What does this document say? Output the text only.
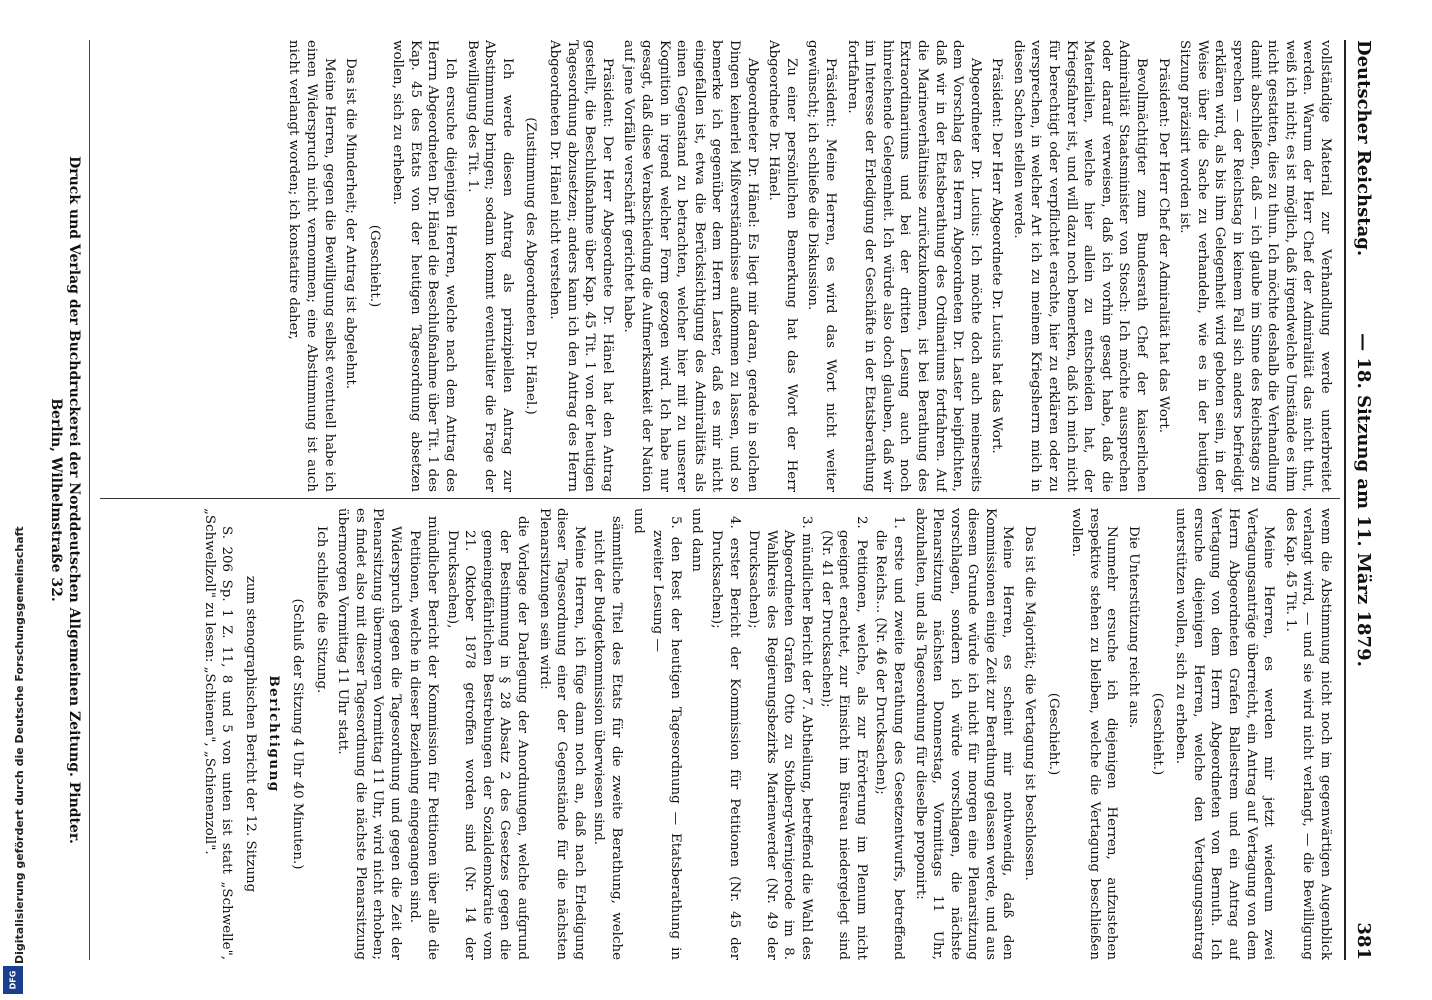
Deutscher Reichstag.
— 18. Sitzung am 11. März 1879.
381

vollständige Material zur Verhandlung werde unterbreitet werden. Warum der Herr Chef der Admiralität das nicht thut, weiß ich nicht; es ist möglich, daß irgendwelche Umstände es ihm nicht gestatten, dies zu thun. Ich möchte deshalb die Verhandlung damit abschließen, daß — ich glaube im Sinne des Reichstags zu sprechen — der Reichstag in keinem Fall sich anders befriedigt erklären wird, als bis ihm Gelegenheit wird geboten sein, in der Weise über die Sache zu verhandeln, wie es in der heutigen Sitzung präzisirt worden ist.

Präsident: Der Herr Chef der Admiralität hat das Wort.

Bevollmächtigter zum Bundesrath Chef der kaiserlichen Admiralität Staatsminister von Stosch: Ich möchte aussprechen oder darauf verweisen, daß ich vorhin gesagt habe, daß die Materialien, welche hier allein zu entscheiden hat, der Kriegsfahrer ist, und will dazu noch bemerken, daß ich mich nicht für berechtigt oder verpflichtet erachte, hier zu erklären oder zu versprechen, in welcher Art ich zu meinem Kriegsherrn mich in diesen Sachen stellen werde.

Präsident: Der Herr Abgeordnete Dr. Lucius hat das Wort.

Abgeordneter Dr. Lucius: Ich möchte doch auch meinerseits dem Vorschlag des Herrn Abgeordneten Dr. Laster beipflichten, daß wir in der Etatsberathung des Ordinariums fortfahren. Auf die Marineverhältnisse zurückzukommen, ist bei Berathung des Extraordinariums und bei der dritten Lesung auch noch hinreichende Gelegenheit. Ich würde also doch glauben, daß wir im Interesse der Erledigung der Geschäfte in der Etatsberathung fortfahren.

Präsident: Meine Herren, es wird das Wort nicht weiter gewünscht; ich schließe die Diskussion.

Zu einer persönlichen Bemerkung hat das Wort der Herr Abgeordnete Dr. Hänel.

Abgeordneter Dr. Hänel: Es liegt mir daran, gerade in solchen Dingen keinerlei Mißverständnisse aufkommen zu lassen, und so bemerke ich gegenüber dem Herrn Laster, daß es mir nicht eingefallen ist, etwa die Berücksichtigung des Admiralitäts als einen Gegenstand zu betrachten, welcher hier mit zu unserer Kognition in irgend welcher Form gezogen wird. Ich habe nur gesagt, daß diese Verabschiedung die Aufmerksamkeit der Nation auf jene Vorfälle verschärft gerichtet habe.

Präsident: Der Herr Abgeordnete Dr. Hänel hat den Antrag gestellt, die Beschlußnahme über Kap. 45 Tit. 1 von der heutigen Tagesordnung abzusetzen; anders kann ich den Antrag des Herrn Abgeordneten Dr. Hänel nicht verstehen.

(Zustimmung des Abgeordneten Dr. Hänel.)

Ich werde diesen Antrag als prinzipiellen Antrag zur Abstimmung bringen; sodann kommt eventualiter die Frage der Bewilligung des Tit. 1.

Ich ersuche diejenigen Herren, welche nach dem Antrag des Herrn Abgeordneten Dr. Hänel die Beschlußnahme über Tit. 1 des Kap. 45 des Etats von der heutigen Tagesordnung absetzen wollen, sich zu erheben.

(Geschieht.)

Das ist die Minderheit; der Antrag ist abgelehnt.

Meine Herren, gegen die Bewilligung selbst eventuell habe ich einen Widerspruch nicht vernommen; eine Abstimmung ist auch nicht verlangt worden; ich konstatire daher,

wenn die Abstimmung nicht noch im gegenwärtigen Augenblick verlangt wird, — und sie wird nicht verlangt, — die Bewilligung des Kap. 45 Tit. 1.

Meine Herren, es werden mir jetzt wiederum zwei Vertagungsanträge überreicht, ein Antrag auf Vertagung von dem Herrn Abgeordneten Grafen Ballestrem und ein Antrag auf Vertagung von dem Herrn Abgeordneten von Bernuth. Ich ersuche diejenigen Herren, welche den Vertagungsantrag unterstützen wollen, sich zu erheben.

(Geschieht.)

Die Unterstützung reicht aus.

Nunmehr ersuche ich diejenigen Herren, aufzustehen respektive stehen zu bleiben, welche die Vertagung beschließen wollen.

(Geschieht.)

Das ist die Majorität; die Vertagung ist beschlossen.

Meine Herren, es scheint mir nothwendig, daß den Kommissionen einige Zeit zur Berathung gelassen werde, und aus diesem Grunde würde ich nicht für morgen eine Plenarsitzung vorschlagen, sondern ich würde vorschlagen, die nächste Plenarsitzung nächsten Donnerstag, Vormittags 11 Uhr, abzuhalten, und als Tagesordnung für dieselbe proponirt:

1. erste und zweite Berathung des Gesetzentwurfs, betreffend die Reichs... (Nr. 46 der Drucksachen);

2. Petitionen, welche, als zur Erörterung im Plenum nicht geeignet erachtet, zur Einsicht im Büreau niedergelegt sind (Nr. 41 der Drucksachen);

3. mündlicher Bericht der 7. Abtheilung, betreffend die Wahl des Abgeordneten Grafen Otto zu Stolberg-Wernigerode im 8. Wahlkreis des Regierungsbezirks Marienwerder (Nr. 49 der Drucksachen);

4. erster Bericht der Kommission für Petitionen (Nr. 45 der Drucksachen);

und dann

5. den Rest der heutigen Tagesordnung — Etatsberathung in zweiter Lesung —

und

sämmtliche Titel des Etats für die zweite Berathung, welche nicht der Budgetkommission überwiesen sind.

Meine Herren, ich füge dann noch an, daß nach Erledigung dieser Tagesordnung einer der Gegenstände für die nächsten Plenarsitzungen sein wird:

die Vorlage der Darlegung der Anordnungen, welche aufgrund der Bestimmung in § 28 Absatz 2 des Gesetzes gegen die gemeingefährlichen Bestrebungen der Sozialdemokratie vom 21. Oktober 1878 getroffen worden sind (Nr. 14 der Drucksachen),

mündlicher Bericht der Kommission für Petitionen über alle die Petitionen, welche in dieser Beziehung eingegangen sind.

Widerspruch gegen die Tagesordnung und gegen die Zeit der Plenarsitzung übermorgen Vormittag 11 Uhr, wird nicht erhoben; es findet also mit dieser Tagesordnung die nächste Plenarsitzung übermorgen Vormittag 11 Uhr statt.

Ich schließe die Sitzung.

(Schluß der Sitzung 4 Uhr 40 Minuten.)

Berichtigung

zum stenographischen Bericht der 12. Sitzung

S. 206 Sp. 1 Z. 11, 8 und 5 von unten ist statt „Schwelle", „Schwellzoll" zu lesen: „Schienen", „Schienenzoll".

Druck und Verlag der Buchdruckerei der Norddeutschen Allgemeinen Zeitung. Pindter.
Berlin, Wilhelmstraße 32.
Digitalisierung gefördert durch die Deutsche Forschungsgemeinschaft
DFG
